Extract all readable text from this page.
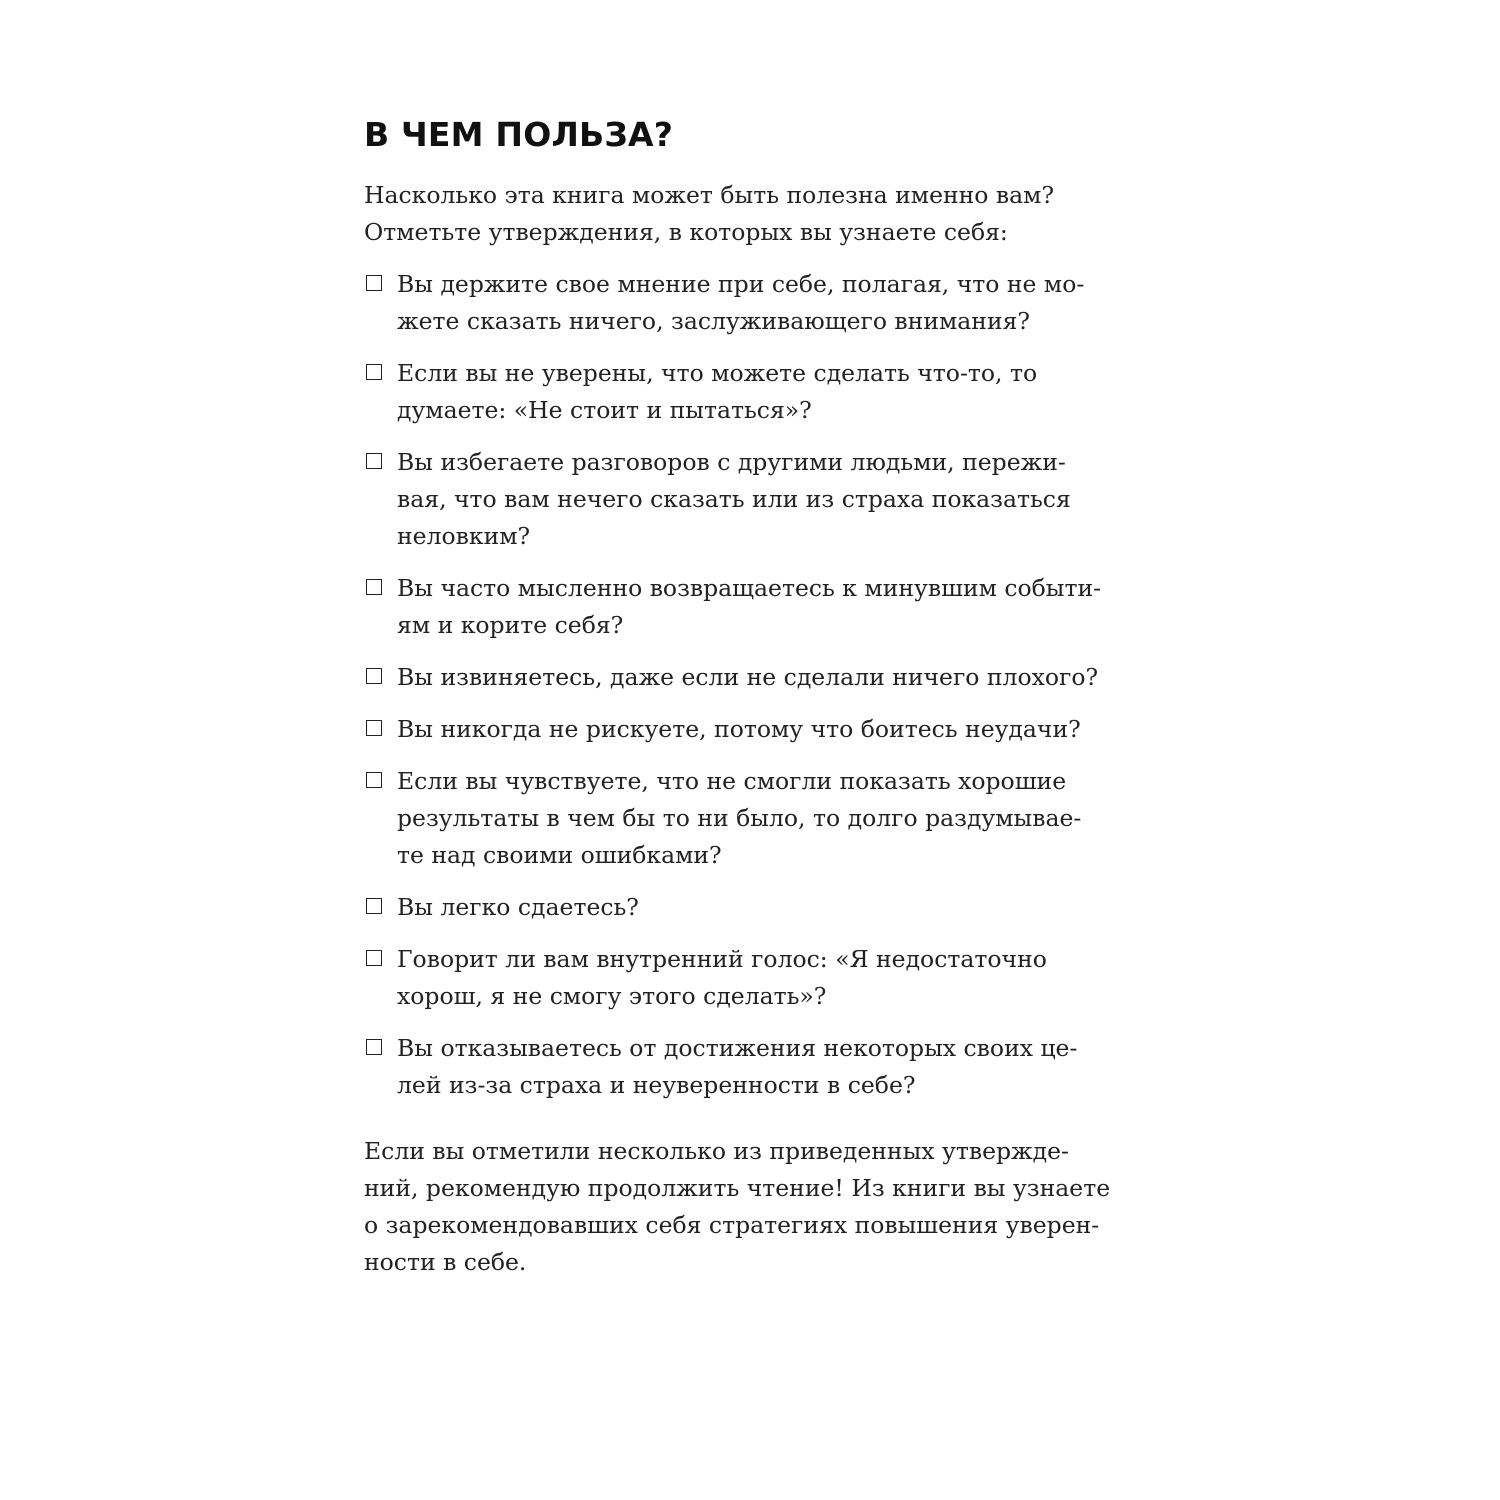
В ЧЕМ ПОЛЬЗА?

Насколько эта книга может быть полезна именно вам?
Отметьте утверждения, в которых вы узнаете себя:

Вы держите свое мнение при себе, полагая, что не мо-
жете сказать ничего, заслуживающего внимания?
Если вы не уверены, что можете сделать что-то, то
думаете: «Не стоит и пытаться»?
Вы избегаете разговоров с другими людьми, пережи-
вая, что вам нечего сказать или из страха показаться
неловким?
Вы часто мысленно возвращаетесь к минувшим событи-
ям и корите себя?
Вы извиняетесь, даже если не сделали ничего плохого?
Вы никогда не рискуете, потому что боитесь неудачи?
Если вы чувствуете, что не смогли показать хорошие
результаты в чем бы то ни было, то долго раздумывае-
те над своими ошибками?
Вы легко сдаетесь?
Говорит ли вам внутренний голос: «Я недостаточно
хорош, я не смогу этого сделать»?
Вы отказываетесь от достижения некоторых своих це-
лей из-за страха и неуверенности в себе?

Если вы отметили несколько из приведенных утвержде-
ний, рекомендую продолжить чтение! Из книги вы узнаете
о зарекомендовавших себя стратегиях повышения уверен-
ности в себе.
